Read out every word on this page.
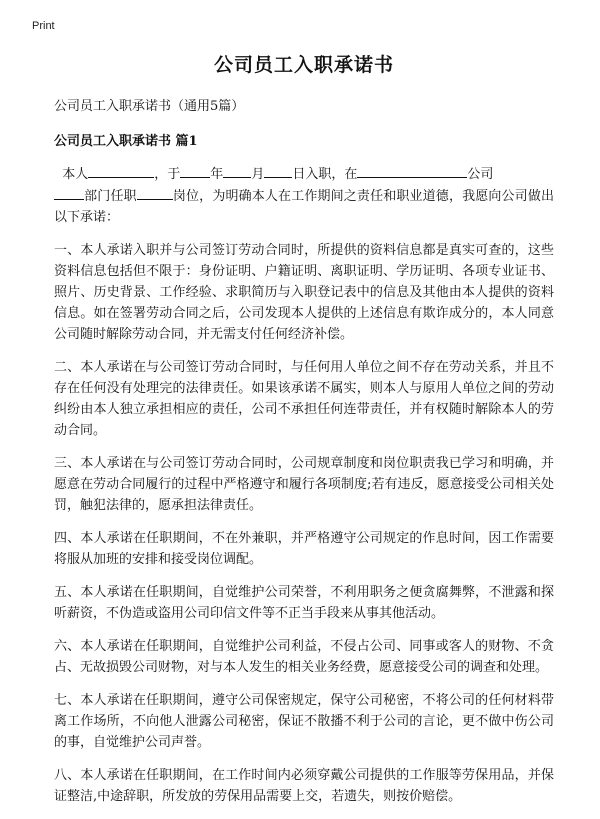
Print
公司员工入职承诺书
公司员工入职承诺书（通用5篇）
公司员工入职承诺书 篇1
本人	，于 年 月 日入职，在	公司
部门任职	岗位，为明确本人在工作期间之责任和职业道德，我愿向公司做出以下承诺：
一、本人承诺入职并与公司签订劳动合同时，所提供的资料信息都是真实可查的，这些资料信息包括但不限于：身份证明、户籍证明、离职证明、学历证明、各项专业证书、照片、历史背景、工作经验、求职简历与入职登记表中的信息及其他由本人提供的资料信息。如在签署劳动合同之后，公司发现本人提供的上述信息有欺诈成分的，本人同意公司随时解除劳动合同，并无需支付任何经济补偿。
二、本人承诺在与公司签订劳动合同时，与任何用人单位之间不存在劳动关系，并且不存在任何没有处理完的法律责任。如果该承诺不属实，则本人与原用人单位之间的劳动纠纷由本人独立承担相应的责任，公司不承担任何连带责任，并有权随时解除本人的劳动合同。
三、本人承诺在与公司签订劳动合同时，公司规章制度和岗位职责我已学习和明确，并愿意在劳动合同履行的过程中严格遵守和履行各项制度;若有违反，愿意接受公司相关处罚，触犯法律的，愿承担法律责任。
四、本人承诺在任职期间，不在外兼职，并严格遵守公司规定的作息时间，因工作需要将服从加班的安排和接受岗位调配。
五、本人承诺在任职期间，自觉维护公司荣誉，不利用职务之便贪腐舞弊，不泄露和探听薪资，不伪造或盗用公司印信文件等不正当手段来从事其他活动。
六、本人承诺在任职期间，自觉维护公司利益，不侵占公司、同事或客人的财物、不贪占、无故损毁公司财物，对与本人发生的相关业务经费，愿意接受公司的调查和处理。
七、本人承诺在任职期间，遵守公司保密规定，保守公司秘密，不将公司的任何材料带离工作场所，不向他人泄露公司秘密，保证不散播不利于公司的言论，更不做中伤公司的事，自觉维护公司声誉。
八、本人承诺在任职期间，在工作时间内必须穿戴公司提供的工作服等劳保用品，并保证整洁,中途辞职，所发放的劳保用品需要上交，若遗失，则按价赔偿。
